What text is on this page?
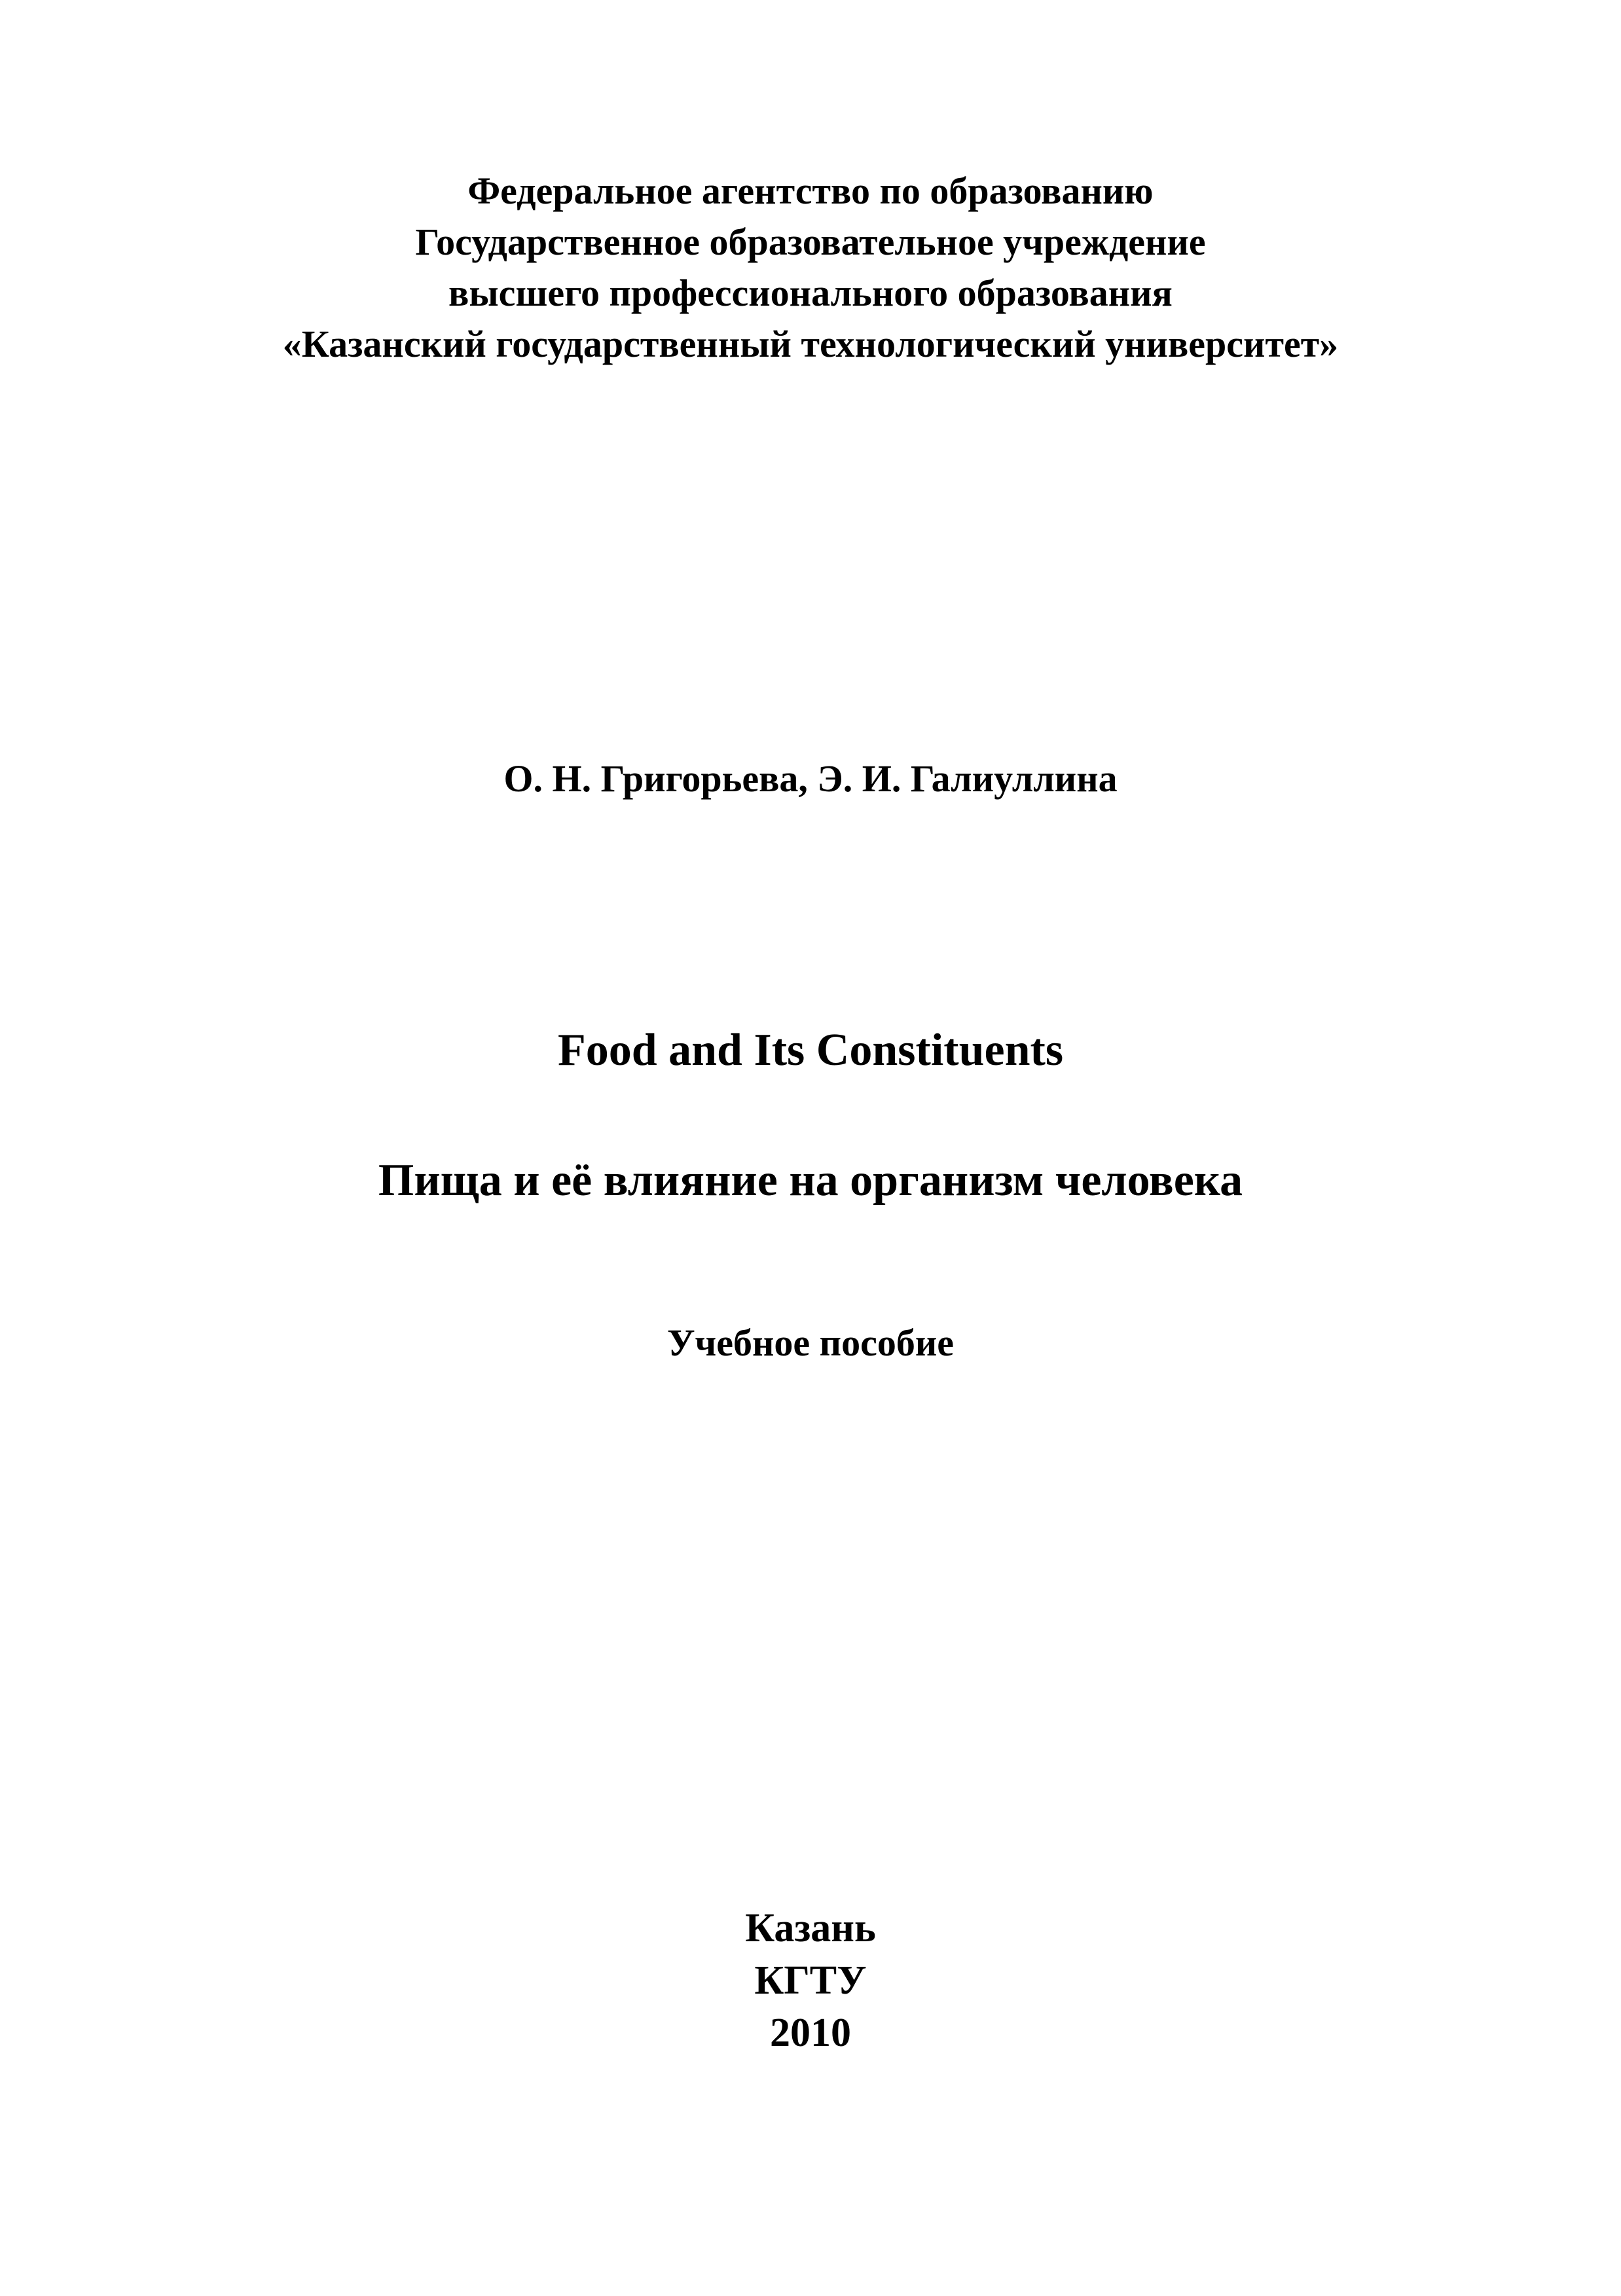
Федеральное агентство по образованию

Государственное образовательное учреждение

высшего профессионального образования

«Казанский государственный технологический университет»

О. Н. Григорьева, Э. И. Галиуллина

Food and Its Constituents

Пища и её влияние на организм человека

Учебное пособие

Казань

КГТУ

2010
